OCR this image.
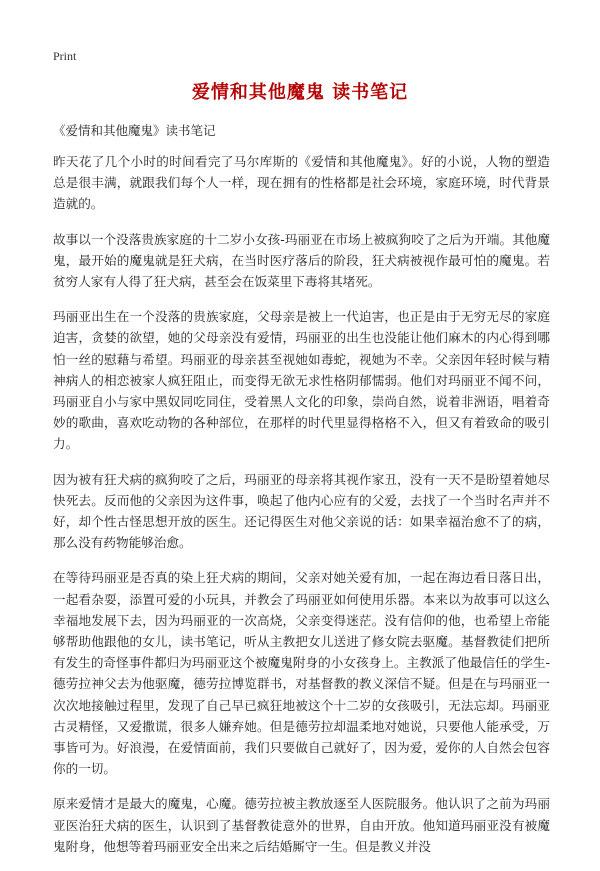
Print
爱情和其他魔鬼 读书笔记
《爱情和其他魔鬼》读书笔记

昨天花了几个小时的时间看完了马尔库斯的《爱情和其他魔鬼》。好的小说，人物的塑造总是很丰满，就跟我们每个人一样，现在拥有的性格都是社会环境，家庭环境，时代背景造就的。

故事以一个没落贵族家庭的十二岁小女孩-玛丽亚在市场上被疯狗咬了之后为开端。其他魔鬼，最开始的魔鬼就是狂犬病，在当时医疗落后的阶段，狂犬病被视作最可怕的魔鬼。若贫穷人家有人得了狂犬病，甚至会在饭菜里下毒将其堵死。

玛丽亚出生在一个没落的贵族家庭，父母亲是被上一代迫害，也正是由于无穷无尽的家庭迫害，贪婪的欲望，她的父母亲没有爱情，玛丽亚的出生也没能让他们麻木的内心得到哪怕一丝的慰藉与希望。玛丽亚的母亲甚至视她如毒蛇，视她为不幸。父亲因年轻时候与精神病人的相恋被家人疯狂阻止，而变得无欲无求性格阴郁懦弱。他们对玛丽亚不闻不问，玛丽亚自小与家中黑奴同吃同住，受着黑人文化的印象，崇尚自然，说着非洲语，唱着奇妙的歌曲，喜欢吃动物的各种部位，在那样的时代里显得格格不入，但又有着致命的吸引力。

因为被有狂犬病的疯狗咬了之后，玛丽亚的母亲将其视作家丑，没有一天不是盼望着她尽快死去。反而他的父亲因为这件事，唤起了他内心应有的父爱，去找了一个当时名声并不好，却个性古怪思想开放的医生。还记得医生对他父亲说的话：如果幸福治愈不了的病，那么没有药物能够治愈。

在等待玛丽亚是否真的染上狂犬病的期间，父亲对她关爱有加，一起在海边看日落日出，一起看杂耍，添置可爱的小玩具，并教会了玛丽亚如何使用乐器。本来以为故事可以这么幸福地发展下去，因为玛丽亚的一次高烧，父亲变得迷茫。没有信仰的他，也希望上帝能够帮助他跟他的女儿，读书笔记，听从主教把女儿送进了修女院去驱魔。基督教徒们把所有发生的奇怪事件都归为玛丽亚这个被魔鬼附身的小女孩身上。主教派了他最信任的学生-德劳拉神父去为他驱魔，德劳拉博览群书，对基督教的教义深信不疑。但是在与玛丽亚一次次地接触过程里，发现了自己早已疯狂地被这个十二岁的女孩吸引，无法忘却。玛丽亚古灵精怪，又爱撒谎，很多人嫌弃她。但是德劳拉却温柔地对她说，只要他人能承受，万事皆可为。好浪漫，在爱情面前，我们只要做自己就好了，因为爱，爱你的人自然会包容你的一切。

原来爱情才是最大的魔鬼，心魔。德劳拉被主教放逐至人医院服务。他认识了之前为玛丽亚医治狂犬病的医生，认识到了基督教徒意外的世界，自由开放。他知道玛丽亚没有被魔鬼附身，他想等着玛丽亚安全出来之后结婚厮守一生。但是教义并没
